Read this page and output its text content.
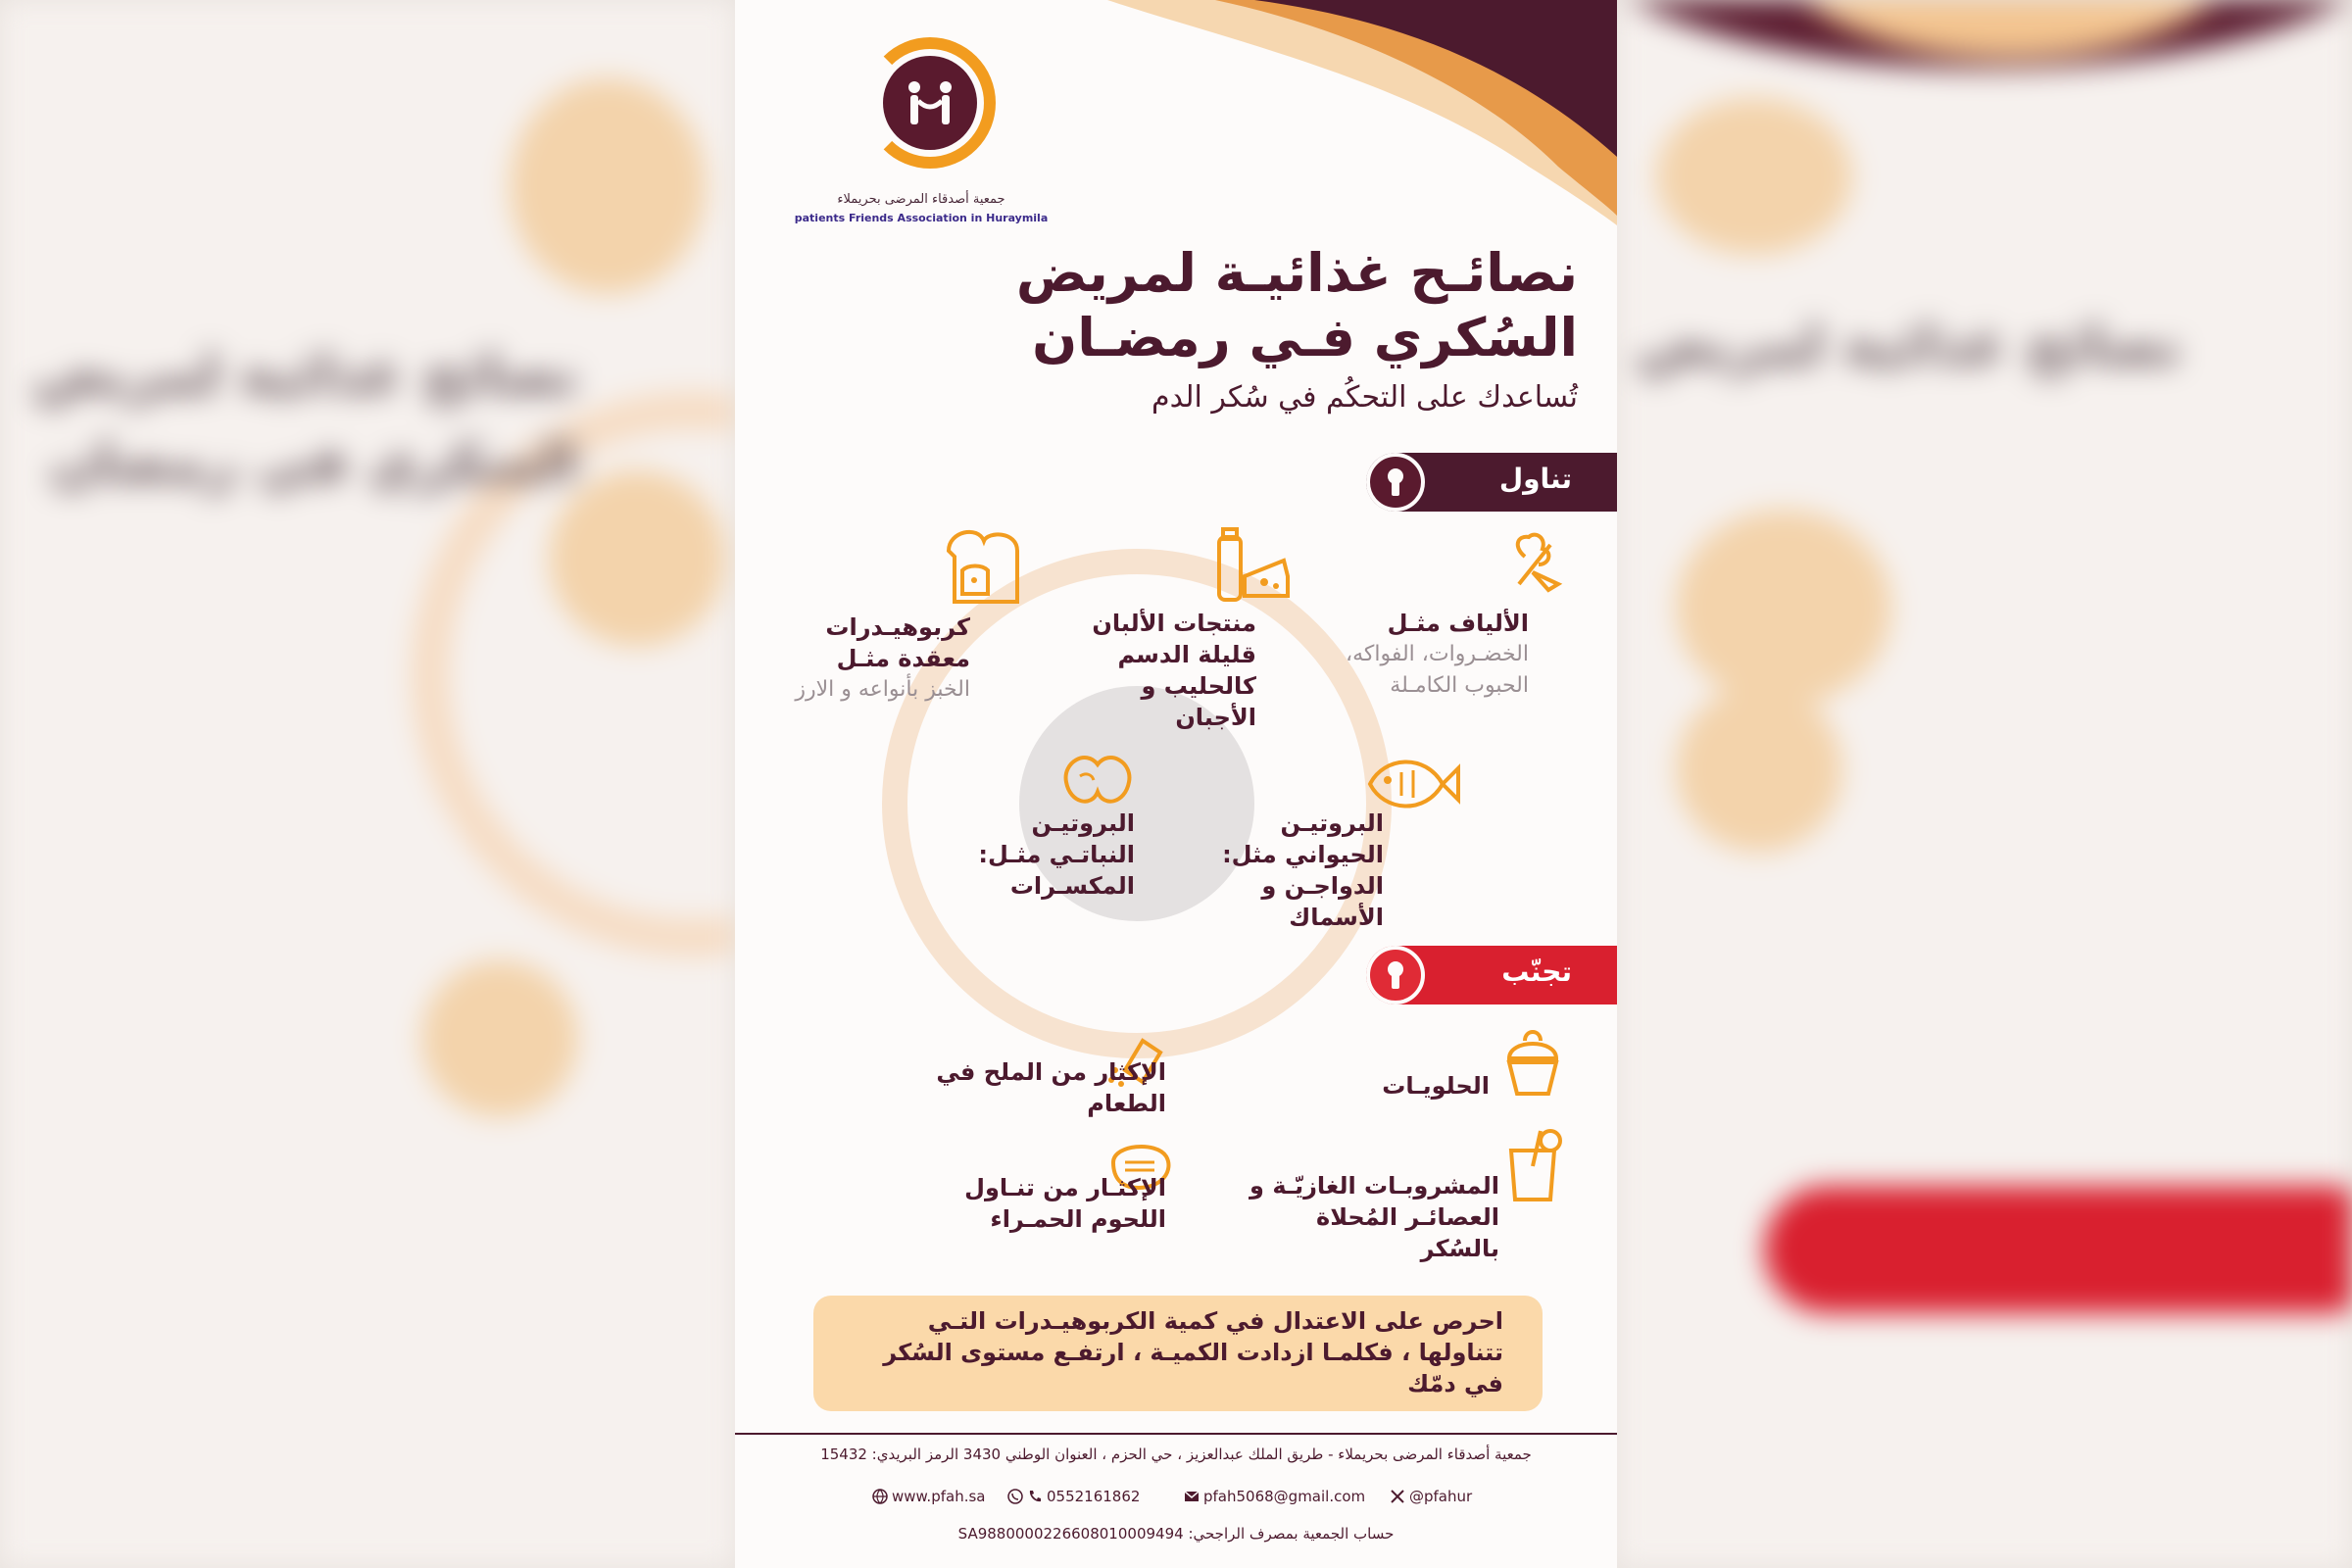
نصائح غذائية لمريض
السكري في رمضان
نصائح غذائية لمريض
جمعية أصدقاء المرضى بحريملاء
patients Friends Association in Huraymila
نصائـح غذائيـة لمريض
السُكري فـي رمضـان
تُساعدك على التحكُم في سُكر الدم
تناول
الألياف مثـل
الخضـروات، الفواكه، الحبوب الكامـلة
منتجات الألبان قليلة الدسم كالحليب و الأجبان
كربوهيـدرات معقدة مثـل
الخبز بأنواعه و الارز
البروتيـن الحيواني مثل: الدواجـن و الأسماك
البروتيـن النباتـي مثـل: المكسـرات
تجنّب
الحلويـات
الإكثار من الملح في الطعام
المشروبـات الغازيّـة و العصائـر المُحلاة بالسُكر
الإكثـار من تنـاول اللحوم الحمـراء
احرص على الاعتدال في كمية الكربوهيـدرات التـي تتناولها ، فكلمـا ازدادت الكميـة ، ارتفـع مستوى السُكر في دمّك
جمعية أصدقاء المرضى بحريملاء - طريق الملك عبدالعزيز ، حي الحزم ، العنوان الوطني 3430 الرمز البريدي: 15432
www.pfah.sa	0552161862	pfah5068@gmail.com	@pfahur
حساب الجمعية بمصرف الراجحي: SA9880000226608010009494
